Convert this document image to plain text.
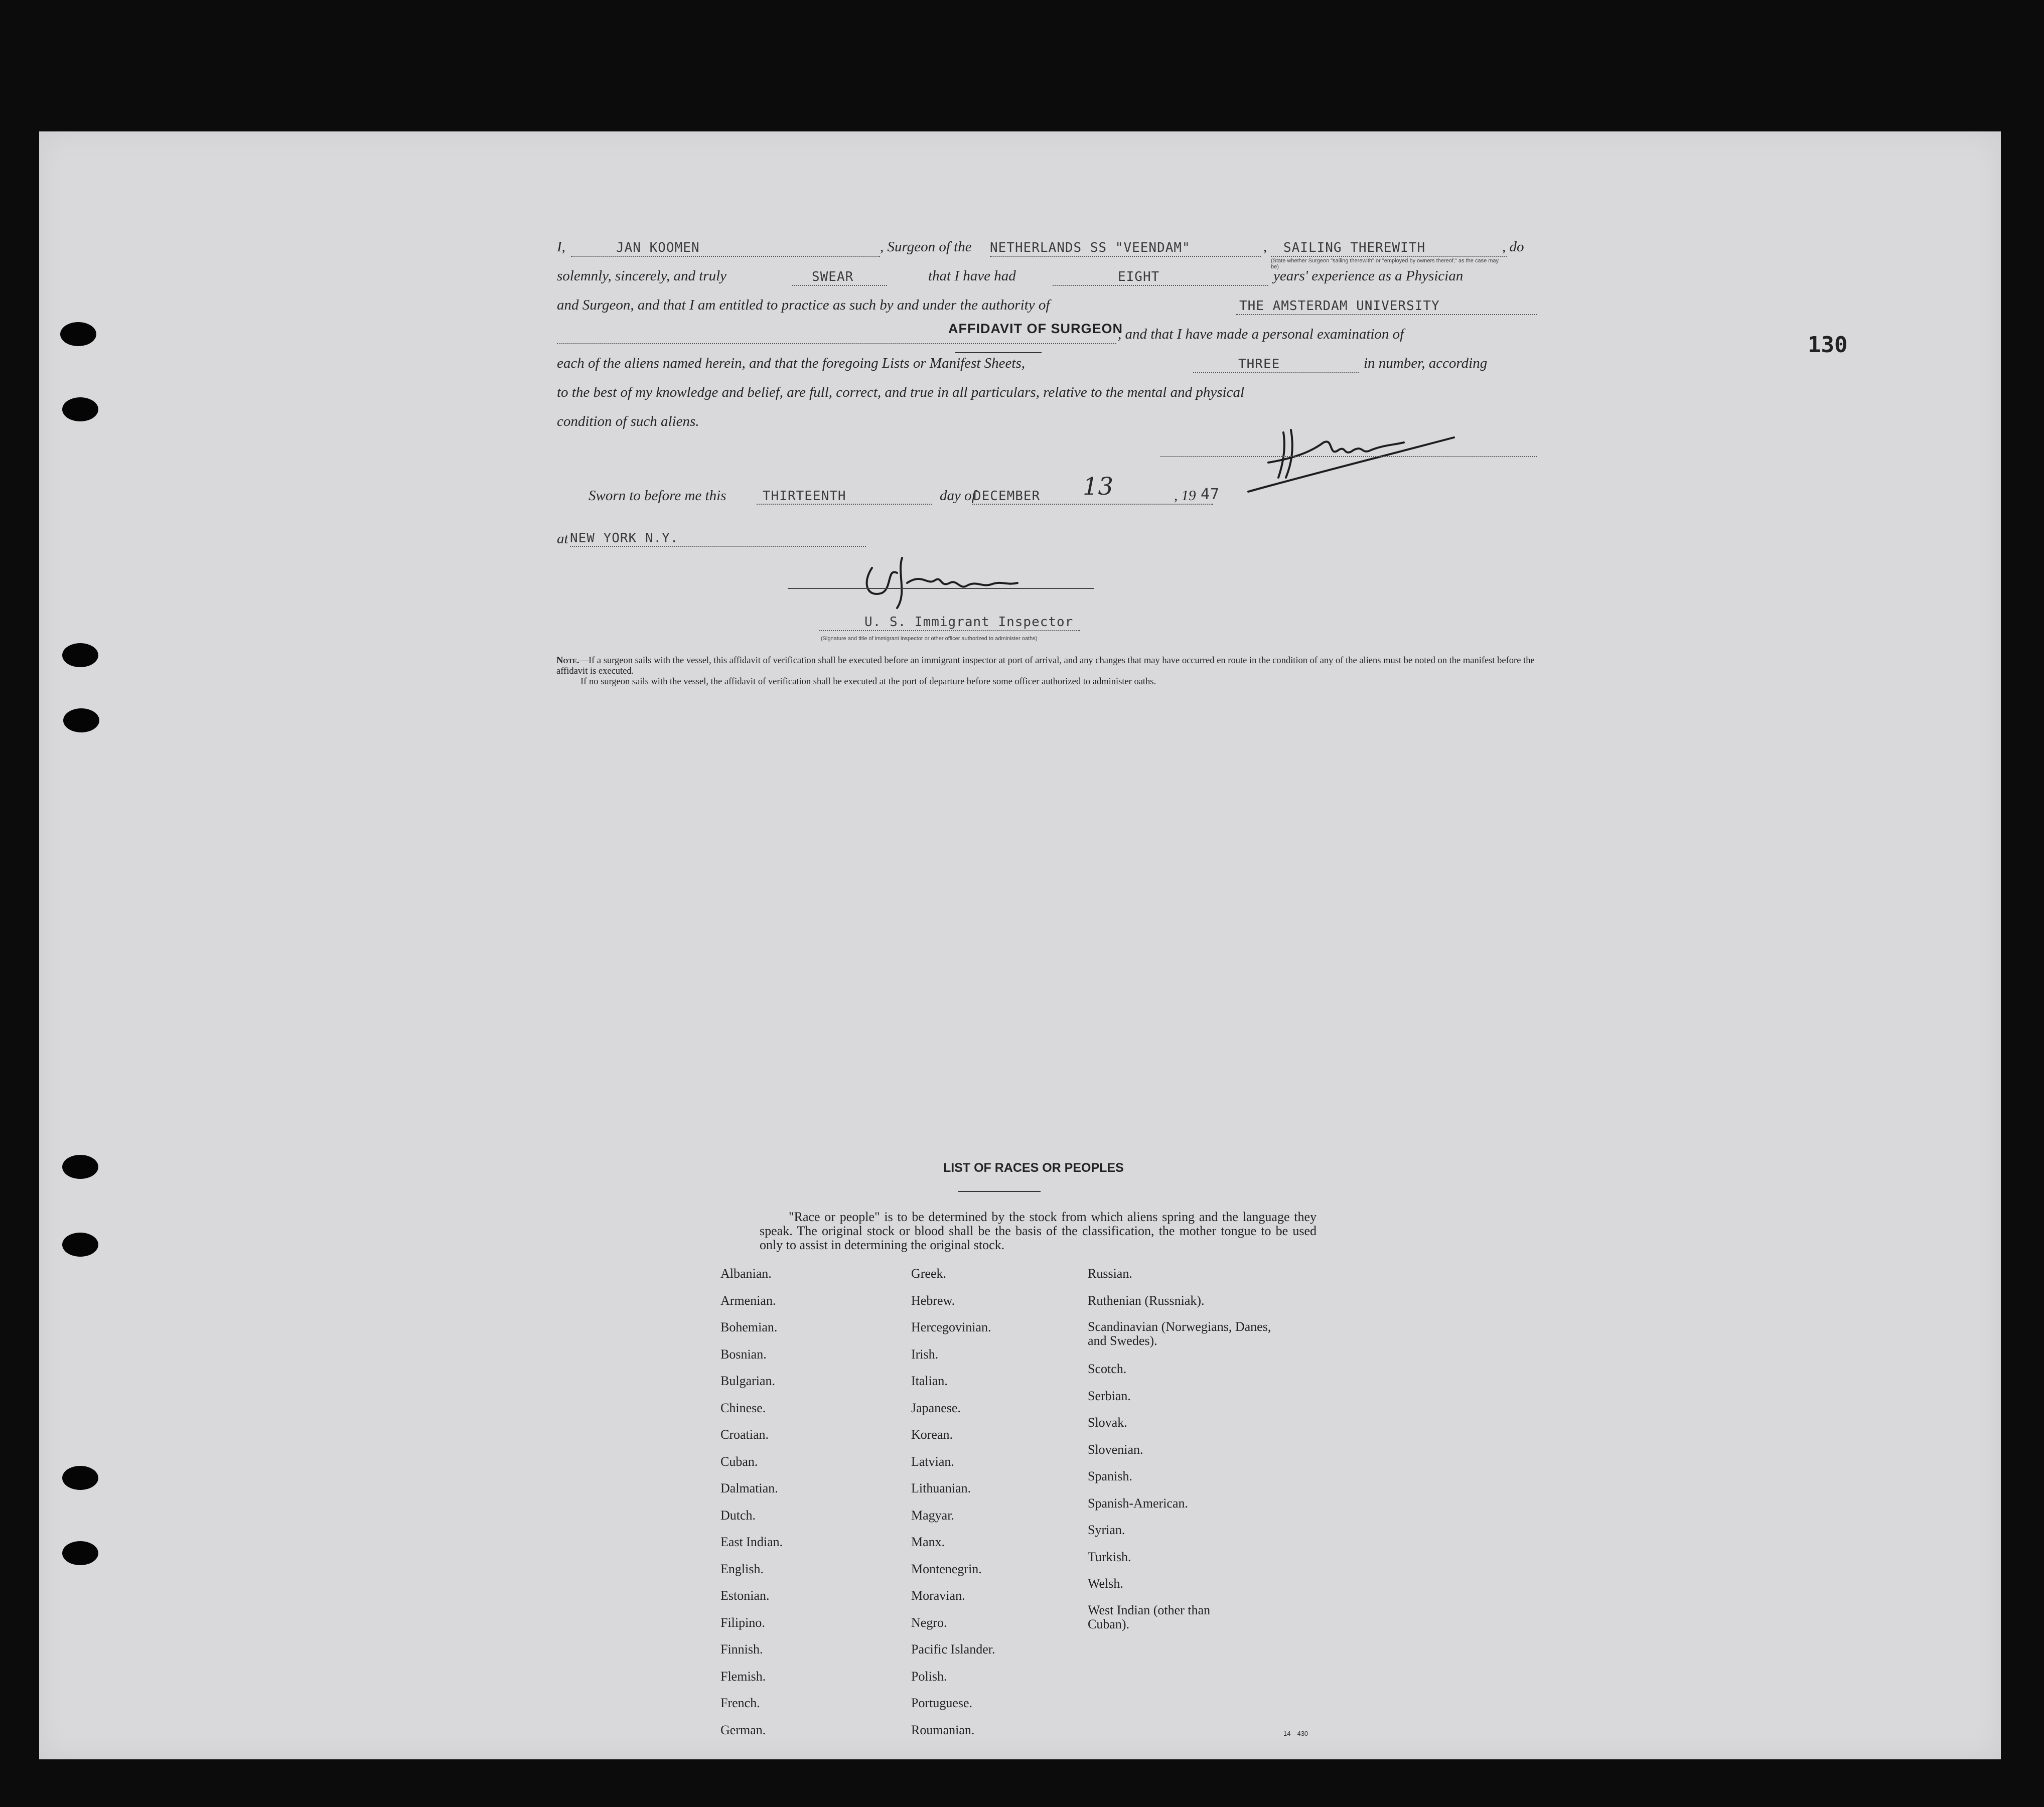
130
AFFIDAVIT OF SURGEON
I,	JAN KOOMEN	, Surgeon of the NETHERLANDS SS "VEENDAM"	, SAILING THEREWITH	, do
(State whether Surgeon "sailing therewith" or "employed by owners thereof," as the case may be)
solemnly, sincerely, and truly	SWEAR	that I have had	EIGHT	years' experience as a Physician
and Surgeon, and that I am entitled to practice as such by and under the authority of	THE AMSTERDAM UNIVERSITY
, and that I have made a personal examination of
each of the aliens named herein, and that the foregoing Lists or Manifest Sheets,	THREE	in number, according
to the best of my knowledge and belief, are full, correct, and true in all particulars, relative to the mental and physical
condition of such aliens.
Sworn to before me this	THIRTEENTH	day of
DECEMBER 13	, 19 47
at NEW YORK N.Y.
U. S. Immigrant Inspector
(Signature and title of immigrant inspector or other officer authorized to administer oaths)

Note.—If a surgeon sails with the vessel, this affidavit of verification shall be executed before an immigrant inspector at port of arrival, and any changes that may have occurred en route in the condition of any of the aliens must be noted on the manifest before the affidavit is executed.

If no surgeon sails with the vessel, the affidavit of verification shall be executed at the port of departure before some officer authorized to administer oaths.

LIST OF RACES OR PEOPLES

"Race or people" is to be determined by the stock from which aliens spring and the language they speak. The original stock or blood shall be the basis of the classification, the mother tongue to be used only to assist in determining the original stock.

Albanian.
Armenian.
Bohemian.
Bosnian.
Bulgarian.
Chinese.
Croatian.
Cuban.
Dalmatian.
Dutch.
East Indian.
English.
Estonian.
Filipino.
Finnish.
Flemish.
French.
German.
Greek.
Hebrew.
Hercegovinian.
Irish.
Italian.
Japanese.
Korean.
Latvian.
Lithuanian.
Magyar.
Manx.
Montenegrin.
Moravian.
Negro.
Pacific Islander.
Polish.
Portuguese.
Roumanian.
Russian.
Ruthenian (Russniak).
Scandinavian (Norwegians, Danes, and Swedes).
Scotch.
Serbian.
Slovak.
Slovenian.
Spanish.
Spanish-American.
Syrian.
Turkish.
Welsh.
West Indian (other than Cuban).
14—430
